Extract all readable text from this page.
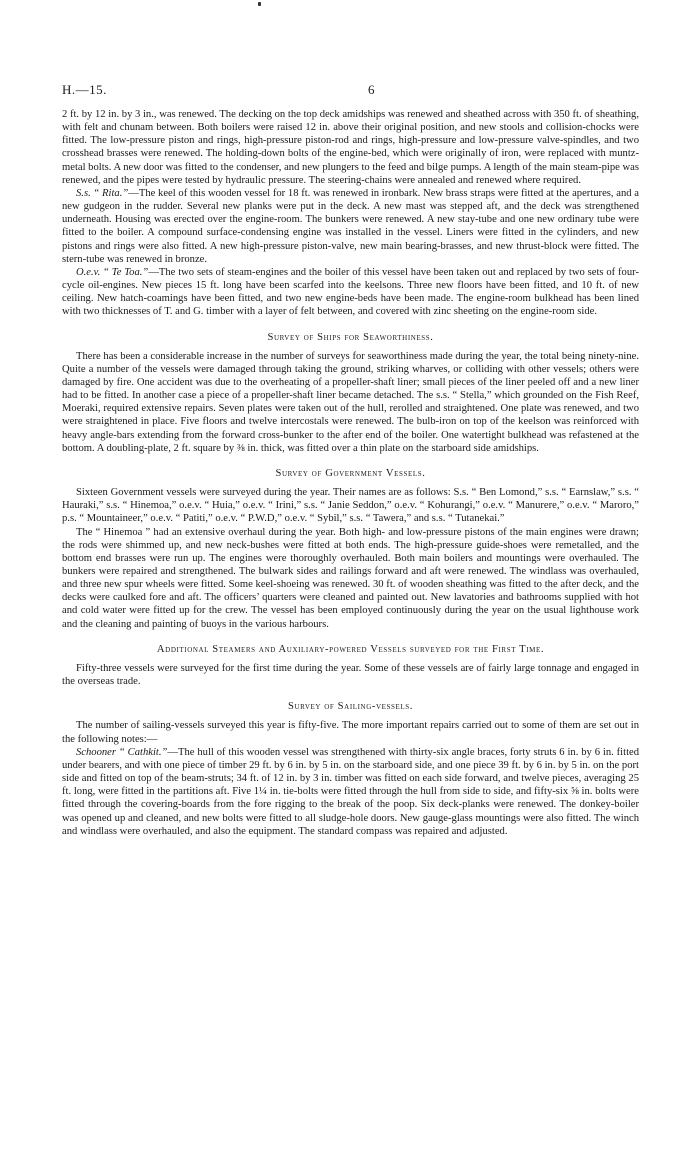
H.—15.	6

2 ft. by 12 in. by 3 in., was renewed. The decking on the top deck amidships was renewed and sheathed across with 350 ft. of sheathing, with felt and chunam between. Both boilers were raised 12 in. above their original position, and new stools and collision-chocks were fitted. The low-pressure piston and rings, high-pressure piston-rod and rings, high-pressure and low-pressure valve-spindles, and two crosshead brasses were renewed. The holding-down bolts of the engine-bed, which were originally of iron, were replaced with muntz-metal bolts. A new door was fitted to the condenser, and new plungers to the feed and bilge pumps. A length of the main steam-pipe was renewed, and the pipes were tested by hydraulic pressure. The steering-chains were annealed and renewed where required.

S.s. “ Rita.”—The keel of this wooden vessel for 18 ft. was renewed in ironbark. New brass straps were fitted at the apertures, and a new gudgeon in the rudder. Several new planks were put in the deck. A new mast was stepped aft, and the deck was strengthened underneath. Housing was erected over the engine-room. The bunkers were renewed. A new stay-tube and one new ordinary tube were fitted to the boiler. A compound surface-condensing engine was installed in the vessel. Liners were fitted in the cylinders, and new pistons and rings were also fitted. A new high-pressure piston-valve, new main bearing-brasses, and new thrust-block were fitted. The stern-tube was renewed in bronze.

O.e.v. “ Te Toa.”—The two sets of steam-engines and the boiler of this vessel have been taken out and replaced by two sets of four-cycle oil-engines. New pieces 15 ft. long have been scarfed into the keelsons. Three new floors have been fitted, and 10 ft. of new ceiling. New hatch-coamings have been fitted, and two new engine-beds have been made. The engine-room bulkhead has been lined with two thicknesses of T. and G. timber with a layer of felt between, and covered with zinc sheeting on the engine-room side.

Survey of Ships for Seaworthiness.

There has been a considerable increase in the number of surveys for seaworthiness made during the year, the total being ninety-nine. Quite a number of the vessels were damaged through taking the ground, striking wharves, or colliding with other vessels; others were damaged by fire. One accident was due to the overheating of a propeller-shaft liner; small pieces of the liner peeled off and a new liner had to be fitted. In another case a piece of a propeller-shaft liner became detached. The s.s. “ Stella,” which grounded on the Fish Reef, Moeraki, required extensive repairs. Seven plates were taken out of the hull, rerolled and straightened. One plate was renewed, and two were straightened in place. Five floors and twelve intercostals were renewed. The bulb-iron on top of the keelson was reinforced with heavy angle-bars extending from the forward cross-bunker to the after end of the boiler. One watertight bulkhead was refastened at the bottom. A doubling-plate, 2 ft. square by ⅜ in. thick, was fitted over a thin plate on the starboard side amidships.

Survey of Government Vessels.

Sixteen Government vessels were surveyed during the year. Their names are as follows: S.s. “ Ben Lomond,” s.s. “ Earnslaw,” s.s. “ Hauraki,” s.s. “ Hinemoa,” o.e.v. “ Huia,” o.e.v. “ Irini,” s.s. “ Janie Seddon,” o.e.v. “ Kohurangi,” o.e.v. “ Manurere,” o.e.v. “ Maroro,” p.s. “ Mountaineer,” o.e.v. “ Patiti,” o.e.v. “ P.W.D,” o.e.v. “ Sybil,” s.s. “ Tawera,” and s.s. “ Tutanekai.”

The “ Hinemoa ” had an extensive overhaul during the year. Both high- and low-pressure pistons of the main engines were drawn; the rods were shimmed up, and new neck-bushes were fitted at both ends. The high-pressure guide-shoes were remetalled, and the bottom end brasses were run up. The engines were thoroughly overhauled. Both main boilers and mountings were overhauled. The bunkers were repaired and strengthened. The bulwark sides and railings forward and aft were renewed. The windlass was overhauled, and three new spur wheels were fitted. Some keel-shoeing was renewed. 30 ft. of wooden sheathing was fitted to the after deck, and the decks were caulked fore and aft. The officers’ quarters were cleaned and painted out. New lavatories and bathrooms supplied with hot and cold water were fitted up for the crew. The vessel has been employed continuously during the year on the usual lighthouse work and the cleaning and painting of buoys in the various harbours.

Additional Steamers and Auxiliary-powered Vessels surveyed for the First Time.

Fifty-three vessels were surveyed for the first time during the year. Some of these vessels are of fairly large tonnage and engaged in the overseas trade.

Survey of Sailing-vessels.

The number of sailing-vessels surveyed this year is fifty-five. The more important repairs carried out to some of them are set out in the following notes:—

Schooner “ Cathkit.”—The hull of this wooden vessel was strengthened with thirty-six angle braces, forty struts 6 in. by 6 in. fitted under bearers, and with one piece of timber 29 ft. by 6 in. by 5 in. on the starboard side, and one piece 39 ft. by 6 in. by 5 in. on the port side and fitted on top of the beam-struts; 34 ft. of 12 in. by 3 in. timber was fitted on each side forward, and twelve pieces, averaging 25 ft. long, were fitted in the partitions aft. Five 1¼ in. tie-bolts were fitted through the hull from side to side, and fifty-six ⅝ in. bolts were fitted through the covering-boards from the fore rigging to the break of the poop. Six deck-planks were renewed. The donkey-boiler was opened up and cleaned, and new bolts were fitted to all sludge-hole doors. New gauge-glass mountings were also fitted. The winch and windlass were overhauled, and also the equipment. The standard compass was repaired and adjusted.
